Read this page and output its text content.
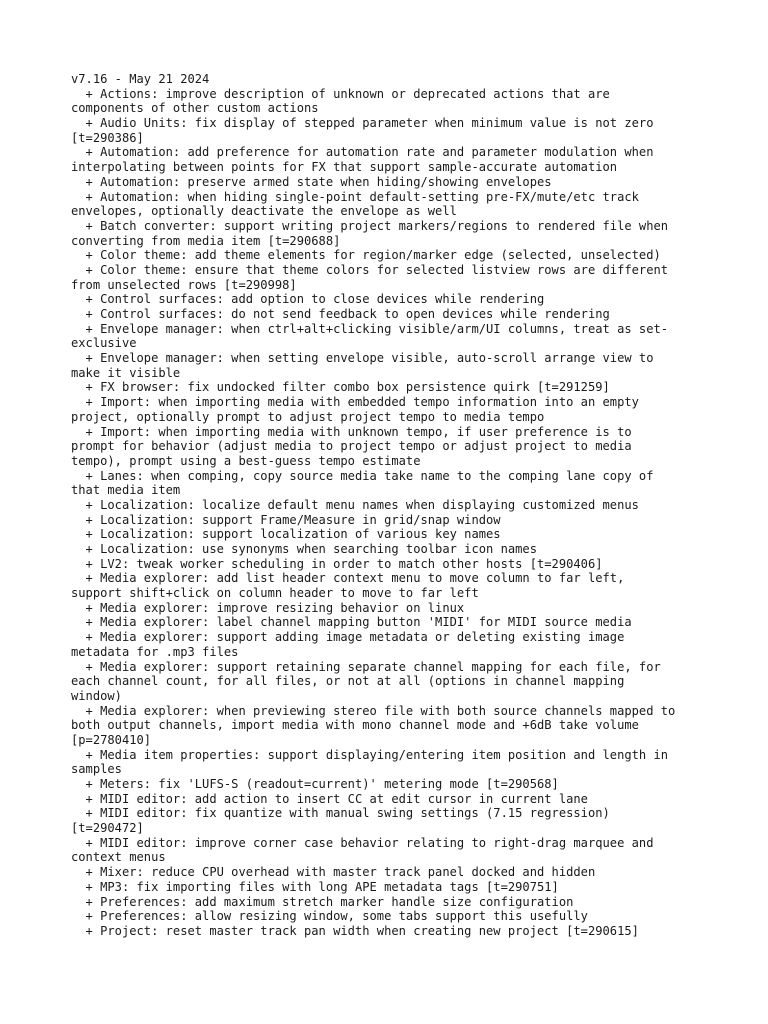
v7.16 - May 21 2024
+ Actions: improve description of unknown or deprecated actions that are
components of other custom actions
+ Audio Units: fix display of stepped parameter when minimum value is not zero
[t=290386]
+ Automation: add preference for automation rate and parameter modulation when
interpolating between points for FX that support sample-accurate automation
+ Automation: preserve armed state when hiding/showing envelopes
+ Automation: when hiding single-point default-setting pre-FX/mute/etc track
envelopes, optionally deactivate the envelope as well
+ Batch converter: support writing project markers/regions to rendered file when
converting from media item [t=290688]
+ Color theme: add theme elements for region/marker edge (selected, unselected)
+ Color theme: ensure that theme colors for selected listview rows are different
from unselected rows [t=290998]
+ Control surfaces: add option to close devices while rendering
+ Control surfaces: do not send feedback to open devices while rendering
+ Envelope manager: when ctrl+alt+clicking visible/arm/UI columns, treat as set-
exclusive
+ Envelope manager: when setting envelope visible, auto-scroll arrange view to
make it visible
+ FX browser: fix undocked filter combo box persistence quirk [t=291259]
+ Import: when importing media with embedded tempo information into an empty
project, optionally prompt to adjust project tempo to media tempo
+ Import: when importing media with unknown tempo, if user preference is to
prompt for behavior (adjust media to project tempo or adjust project to media
tempo), prompt using a best-guess tempo estimate
+ Lanes: when comping, copy source media take name to the comping lane copy of
that media item
+ Localization: localize default menu names when displaying customized menus
+ Localization: support Frame/Measure in grid/snap window
+ Localization: support localization of various key names
+ Localization: use synonyms when searching toolbar icon names
+ LV2: tweak worker scheduling in order to match other hosts [t=290406]
+ Media explorer: add list header context menu to move column to far left,
support shift+click on column header to move to far left
+ Media explorer: improve resizing behavior on linux
+ Media explorer: label channel mapping button 'MIDI' for MIDI source media
+ Media explorer: support adding image metadata or deleting existing image
metadata for .mp3 files
+ Media explorer: support retaining separate channel mapping for each file, for
each channel count, for all files, or not at all (options in channel mapping
window)
+ Media explorer: when previewing stereo file with both source channels mapped to
both output channels, import media with mono channel mode and +6dB take volume
[p=2780410]
+ Media item properties: support displaying/entering item position and length in
samples
+ Meters: fix 'LUFS-S (readout=current)' metering mode [t=290568]
+ MIDI editor: add action to insert CC at edit cursor in current lane
+ MIDI editor: fix quantize with manual swing settings (7.15 regression)
[t=290472]
+ MIDI editor: improve corner case behavior relating to right-drag marquee and
context menus
+ Mixer: reduce CPU overhead with master track panel docked and hidden
+ MP3: fix importing files with long APE metadata tags [t=290751]
+ Preferences: add maximum stretch marker handle size configuration
+ Preferences: allow resizing window, some tabs support this usefully
+ Project: reset master track pan width when creating new project [t=290615]
